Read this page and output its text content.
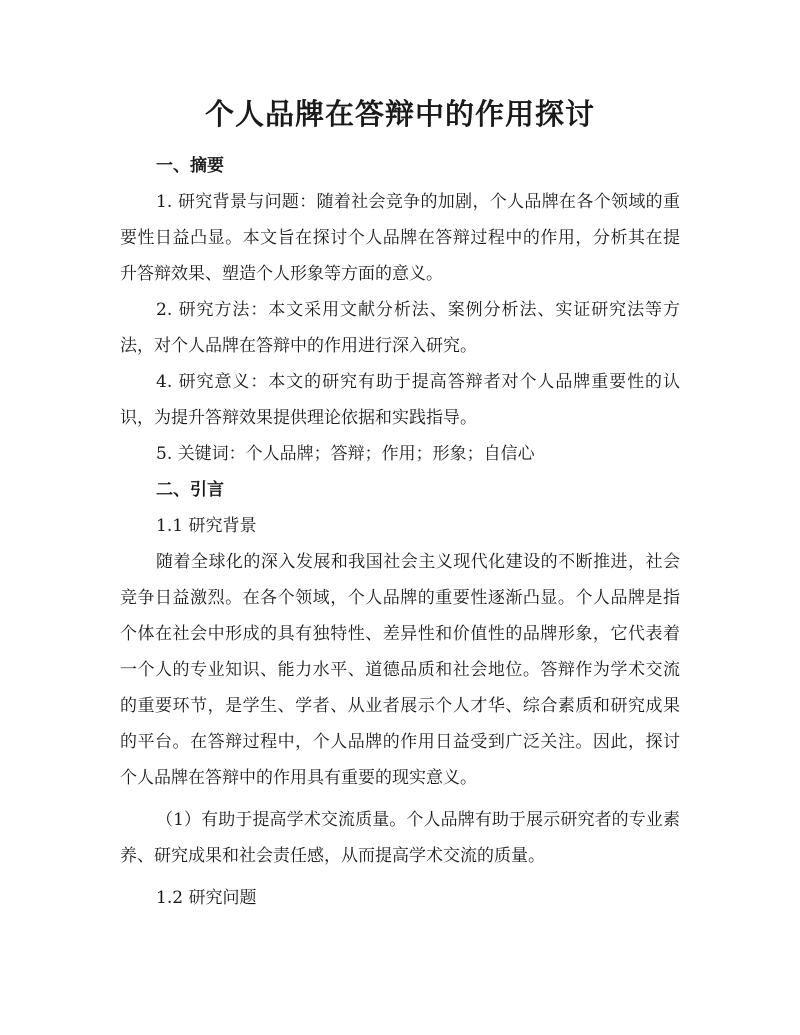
个人品牌在答辩中的作用探讨
一、摘要

1. 研究背景与问题：随着社会竞争的加剧，个人品牌在各个领域的重要性日益凸显。本文旨在探讨个人品牌在答辩过程中的作用，分析其在提升答辩效果、塑造个人形象等方面的意义。

2. 研究方法：本文采用文献分析法、案例分析法、实证研究法等方法，对个人品牌在答辩中的作用进行深入研究。

4. 研究意义：本文的研究有助于提高答辩者对个人品牌重要性的认识，为提升答辩效果提供理论依据和实践指导。

5. 关键词：个人品牌；答辩；作用；形象；自信心

二、引言
1.1 研究背景

随着全球化的深入发展和我国社会主义现代化建设的不断推进，社会竞争日益激烈。在各个领域，个人品牌的重要性逐渐凸显。个人品牌是指个体在社会中形成的具有独特性、差异性和价值性的品牌形象，它代表着一个人的专业知识、能力水平、道德品质和社会地位。答辩作为学术交流的重要环节，是学生、学者、从业者展示个人才华、综合素质和研究成果的平台。在答辩过程中，个人品牌的作用日益受到广泛关注。因此，探讨个人品牌在答辩中的作用具有重要的现实意义。

（1）有助于提高学术交流质量。个人品牌有助于展示研究者的专业素养、研究成果和社会责任感，从而提高学术交流的质量。

1.2 研究问题
